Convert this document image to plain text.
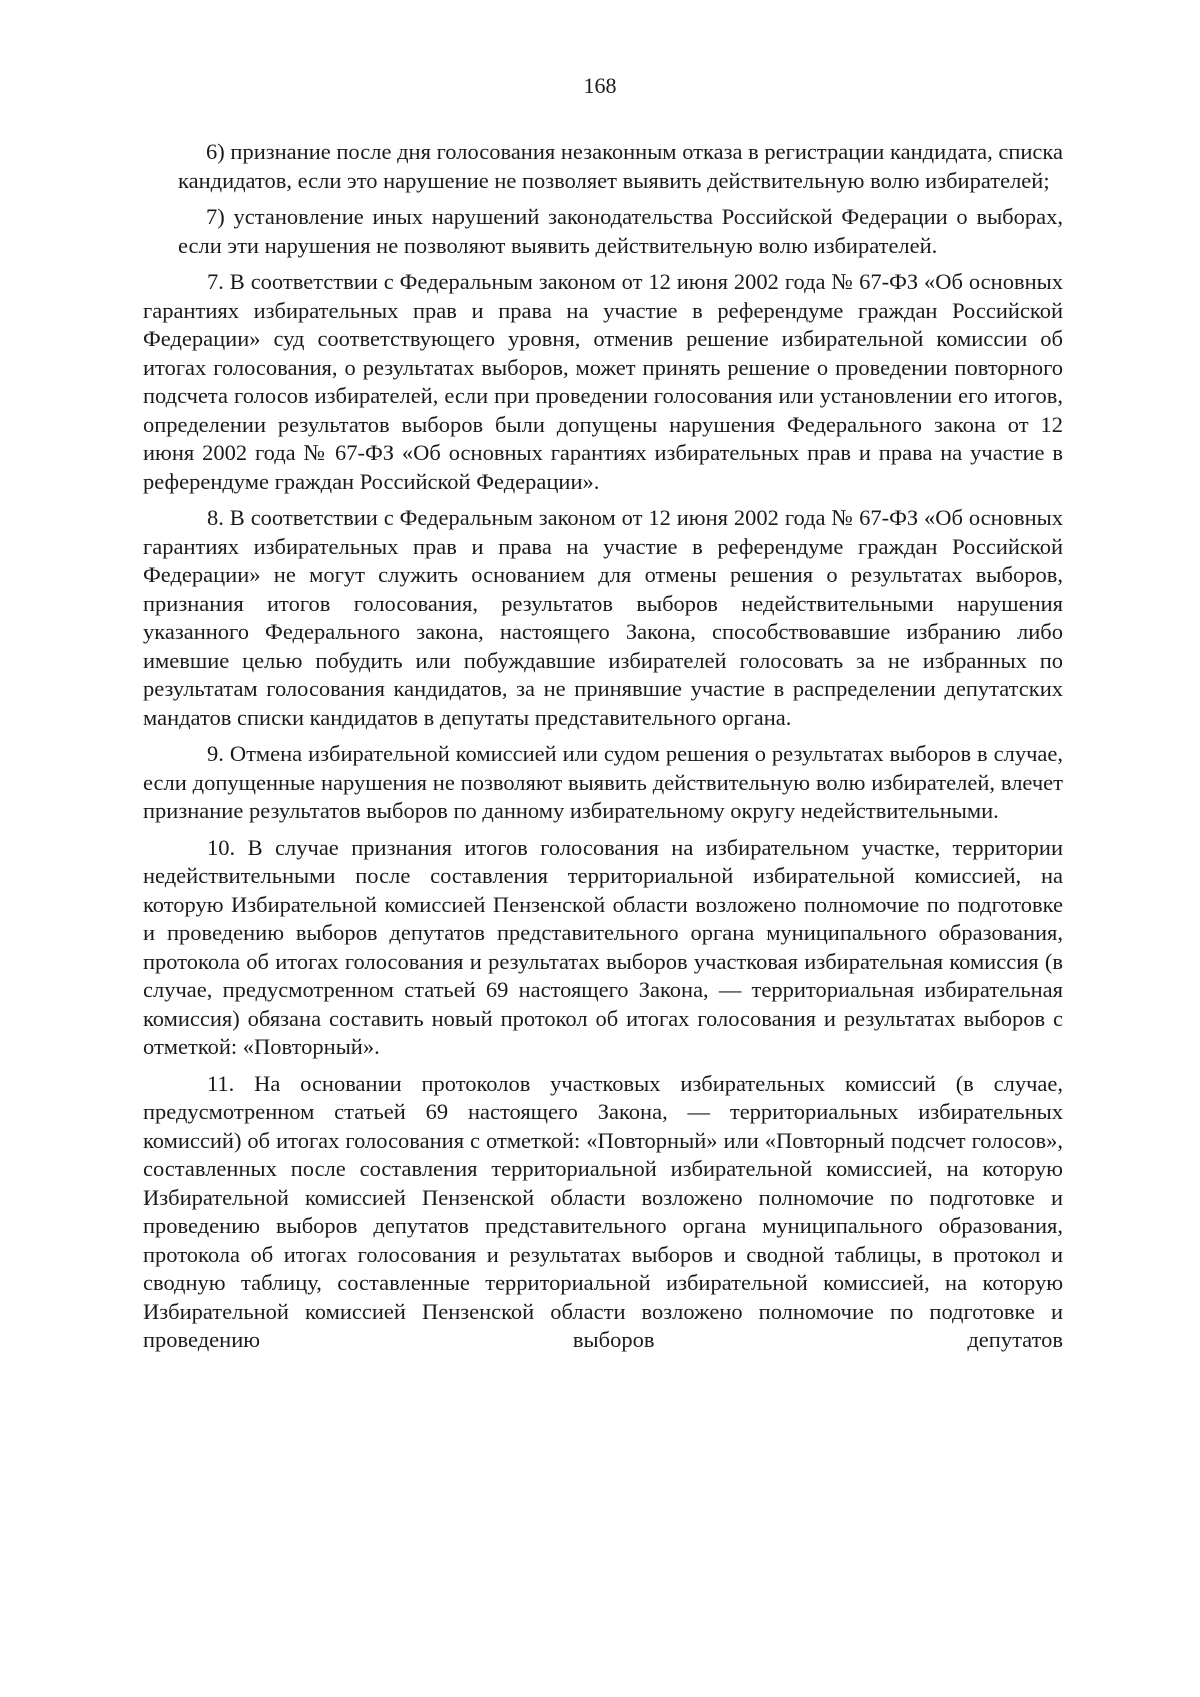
168

6) признание после дня голосования незаконным отказа в регистрации кандидата, списка кандидатов, если это нарушение не позволяет выявить действительную волю избирателей;

7) установление иных нарушений законодательства Российской Федерации о выборах, если эти нарушения не позволяют выявить действительную волю избирателей.

7. В соответствии с Федеральным законом от 12 июня 2002 года № 67-ФЗ «Об основных гарантиях избирательных прав и права на участие в референдуме граждан Российской Федерации» суд соответствующего уровня, отменив решение избирательной комиссии об итогах голосования, о результатах выборов, может принять решение о проведении повторного подсчета голосов избирателей, если при проведении голосования или установлении его итогов, определении результатов выборов были допущены нарушения Федерального закона от 12 июня 2002 года № 67-ФЗ «Об основных гарантиях избирательных прав и права на участие в референдуме граждан Российской Федерации».

8. В соответствии с Федеральным законом от 12 июня 2002 года № 67-ФЗ «Об основных гарантиях избирательных прав и права на участие в референдуме граждан Российской Федерации» не могут служить основанием для отмены решения о результатах выборов, признания итогов голосования, результатов выборов недействительными нарушения указанного Федерального закона, настоящего Закона, способствовавшие избранию либо имевшие целью побудить или побуждавшие избирателей голосовать за не избранных по результатам голосования кандидатов, за не принявшие участие в распределении депутатских мандатов списки кандидатов в депутаты представительного органа.

9. Отмена избирательной комиссией или судом решения о результатах выборов в случае, если допущенные нарушения не позволяют выявить действительную волю избирателей, влечет признание результатов выборов по данному избирательному округу недействительными.

10. В случае признания итогов голосования на избирательном участке, территории недействительными после составления территориальной избирательной комиссией, на которую Избирательной комиссией Пензенской области возложено полномочие по подготовке и проведению выборов депутатов представительного органа муниципального образования, протокола об итогах голосования и результатах выборов участковая избирательная комиссия (в случае, предусмотренном статьей 69 настоящего Закона, — территориальная избирательная комиссия) обязана составить новый протокол об итогах голосования и результатах выборов с отметкой: «Повторный».

11. На основании протоколов участковых избирательных комиссий (в случае, предусмотренном статьей 69 настоящего Закона, — территориальных избирательных комиссий) об итогах голосования с отметкой: «Повторный» или «Повторный подсчет голосов», составленных после составления территориальной избирательной комиссией, на которую Избирательной комиссией Пензенской области возложено полномочие по подготовке и проведению выборов депутатов представительного органа муниципального образования, протокола об итогах голосования и результатах выборов и сводной таблицы, в протокол и сводную таблицу, составленные территориальной избирательной комиссией, на которую Избирательной комиссией Пензенской области возложено полномочие по подготовке и проведению выборов депутатов
